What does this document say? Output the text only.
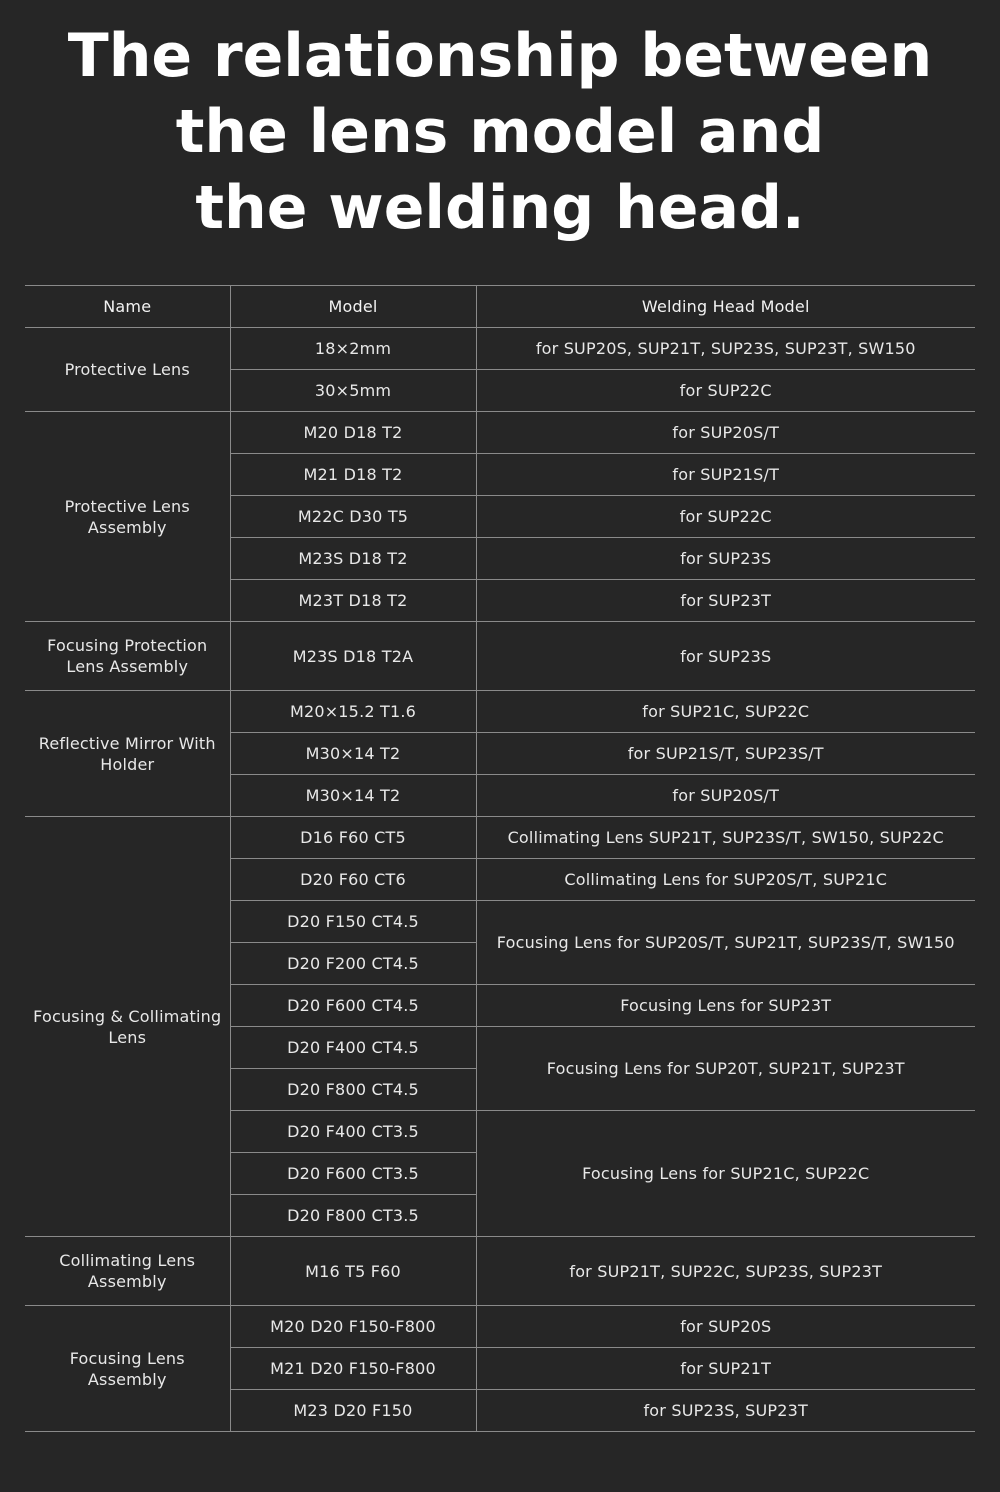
The relationship between
the lens model and
the welding head.
Name	Model	Welding Head Model
Protective Lens	18×2mm	for SUP20S, SUP21T, SUP23S, SUP23T, SW150
	30×5mm	for SUP22C
Protective Lens Assembly	M20 D18 T2	for SUP20S/T
	M21 D18 T2	for SUP21S/T
	M22C D30 T5	for SUP22C
	M23S D18 T2	for SUP23S
	M23T D18 T2	for SUP23T
Focusing Protection Lens Assembly	M23S D18 T2A	for SUP23S
Reflective Mirror With Holder	M20×15.2 T1.6	for SUP21C, SUP22C
	M30×14 T2	for SUP21S/T, SUP23S/T
	M30×14 T2	for SUP20S/T
Focusing & Collimating Lens	D16 F60 CT5	Collimating Lens SUP21T, SUP23S/T, SW150, SUP22C
	D20 F60 CT6	Collimating Lens for SUP20S/T, SUP21C
	D20 F150 CT4.5	Focusing Lens for SUP20S/T, SUP21T, SUP23S/T, SW150
	D20 F200 CT4.5	
	D20 F600 CT4.5	Focusing Lens for SUP23T
	D20 F400 CT4.5	Focusing Lens for SUP20T, SUP21T, SUP23T
	D20 F800 CT4.5	
	D20 F400 CT3.5	Focusing Lens for SUP21C, SUP22C
	D20 F600 CT3.5	
	D20 F800 CT3.5	
Collimating Lens Assembly	M16 T5 F60	for SUP21T, SUP22C, SUP23S, SUP23T
Focusing Lens Assembly	M20 D20 F150-F800	for SUP20S
	M21 D20 F150-F800	for SUP21T
	M23 D20 F150	for SUP23S, SUP23T
